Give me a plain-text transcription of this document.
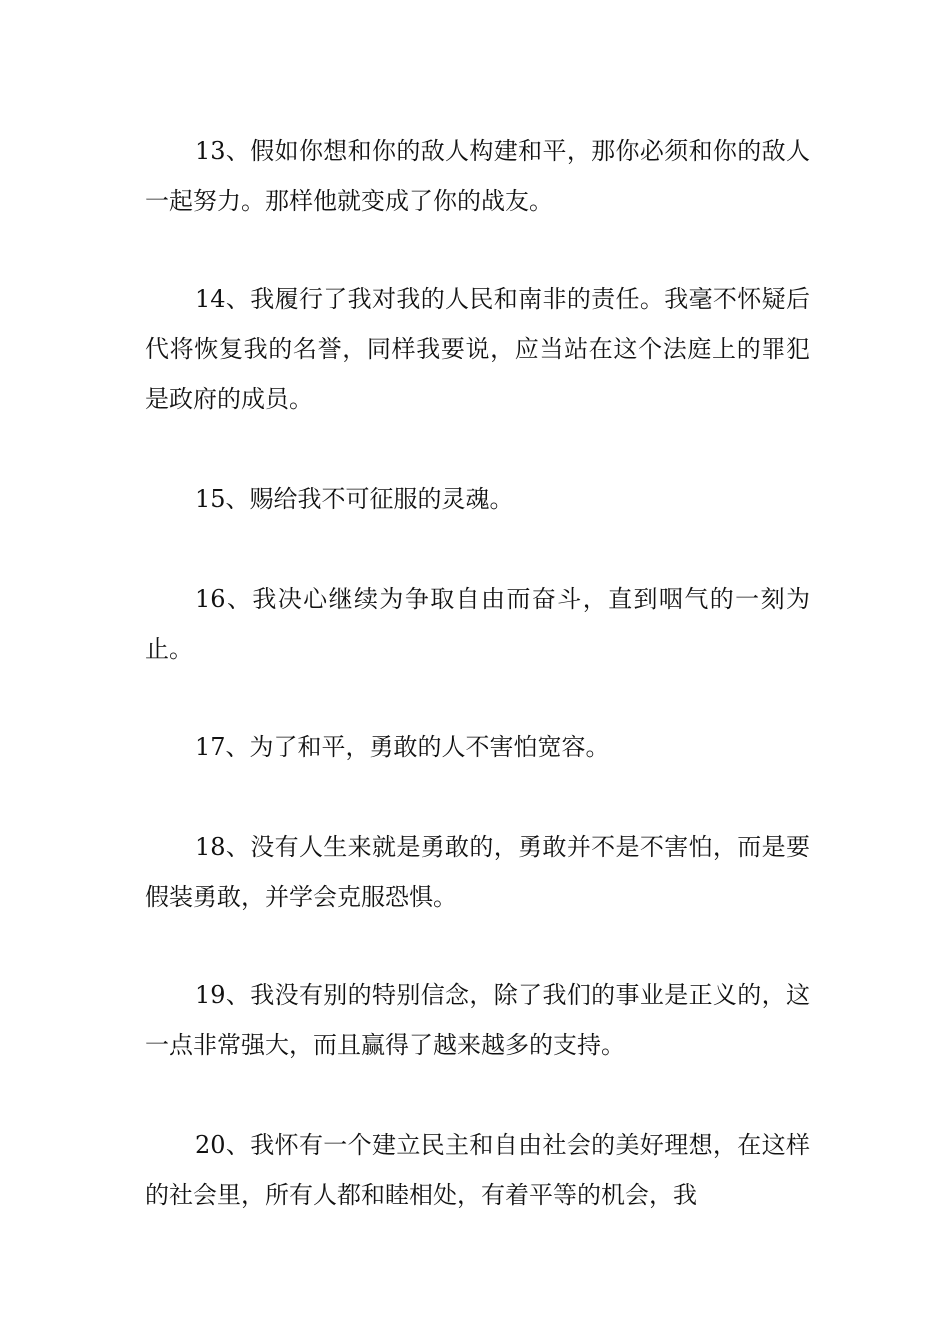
13、假如你想和你的敌人构建和平，那你必须和你的敌人一起努力。那样他就变成了你的战友。

14、我履行了我对我的人民和南非的责任。我毫不怀疑后代将恢复我的名誉，同样我要说，应当站在这个法庭上的罪犯是政府的成员。

15、赐给我不可征服的灵魂。

16、我决心继续为争取自由而奋斗，直到咽气的一刻为止。

17、为了和平，勇敢的人不害怕宽容。

18、没有人生来就是勇敢的，勇敢并不是不害怕，而是要假装勇敢，并学会克服恐惧。

19、我没有别的特别信念，除了我们的事业是正义的，这一点非常强大，而且赢得了越来越多的支持。

20、我怀有一个建立民主和自由社会的美好理想，在这样的社会里，所有人都和睦相处，有着平等的机会，我
